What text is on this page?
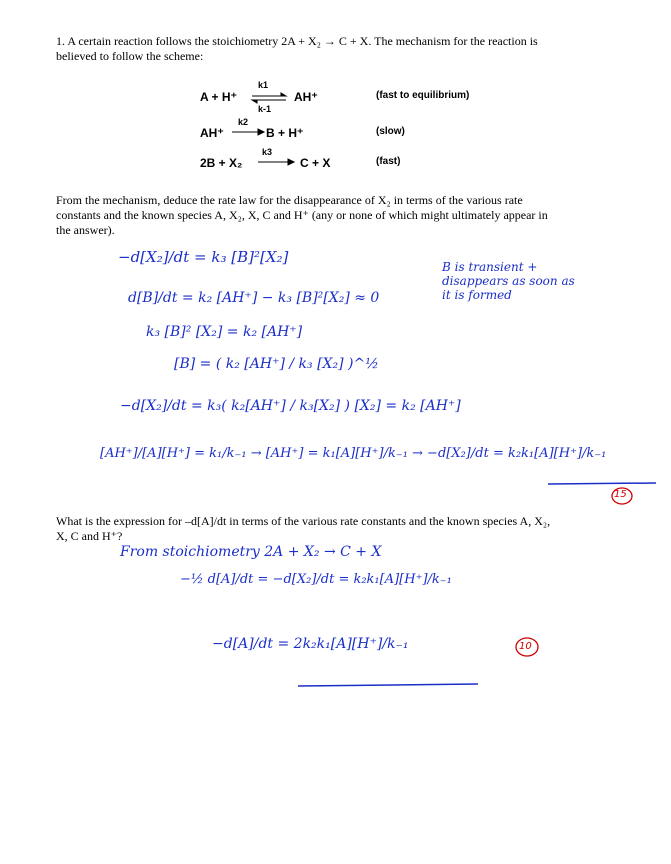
1. A certain reaction follows the stoichiometry 2A + X₂ → C + X. The mechanism for the reaction is
believed to follow the scheme:
A + H⁺
k1
k-1
AH⁺	(fast to equilibrium)
AH⁺
k2
B + H⁺	(slow)
2B + X₂
k3
C + X	(fast)
From the mechanism, deduce the rate law for the disappearance of X₂ in terms of the various rate
constants and the known species A, X₂, X, C and H⁺ (any or none of which might ultimately appear in
the answer).
−d[X₂]/dt = k₃ [B]²[X₂]
B is transient +
disappears as soon as
it is formed
d[B]/dt = k₂ [AH⁺] − k₃ [B]²[X₂] ≈ 0
k₃ [B]² [X₂] = k₂ [AH⁺]
[B] = ( k₂ [AH⁺] / k₃ [X₂] )^½
−d[X₂]/dt = k₃( k₂[AH⁺] / k₃[X₂] ) [X₂] = k₂ [AH⁺]
[AH⁺]/[A][H⁺] = k₁/k₋₁ → [AH⁺] = k₁[A][H⁺]/k₋₁ → −d[X₂]/dt = k₂k₁[A][H⁺]/k₋₁
15
What is the expression for –d[A]/dt in terms of the various rate constants and the known species A, X₂,
X, C and H⁺?
From stoichiometry 2A + X₂ → C + X
−½ d[A]/dt = −d[X₂]/dt = k₂k₁[A][H⁺]/k₋₁
−d[A]/dt = 2k₂k₁[A][H⁺]/k₋₁	10
